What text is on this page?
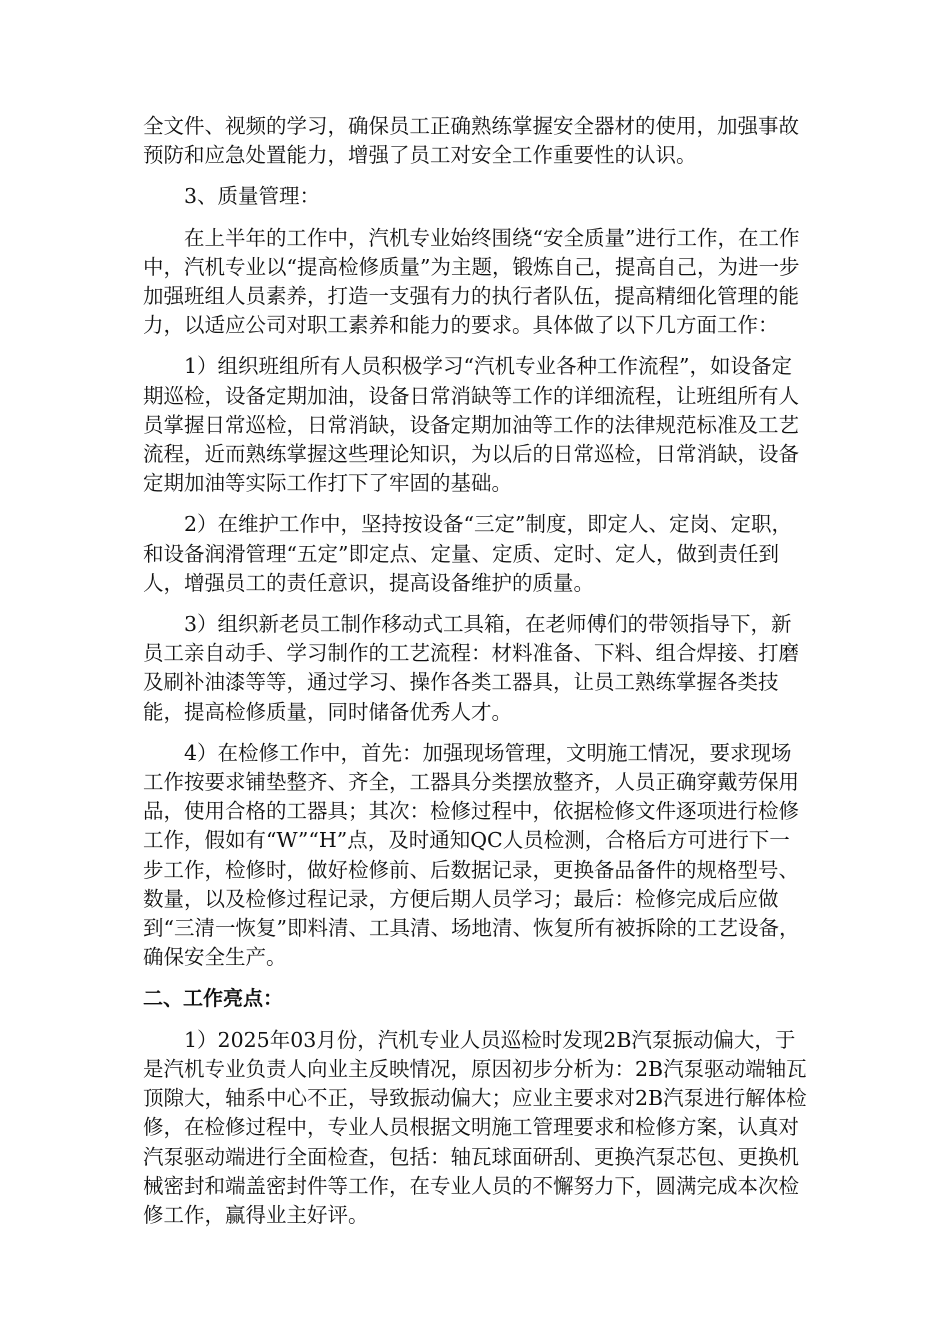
全文件、视频的学习，确保员工正确熟练掌握安全器材的使用，加强事故预防和应急处置能力，增强了员工对安全工作重要性的认识。

3、质量管理：

在上半年的工作中，汽机专业始终围绕“安全质量”进行工作，在工作中，汽机专业以“提高检修质量”为主题，锻炼自己，提高自己，为进一步加强班组人员素养，打造一支强有力的执行者队伍，提高精细化管理的能力，以适应公司对职工素养和能力的要求。具体做了以下几方面工作：

1）组织班组所有人员积极学习“汽机专业各种工作流程”，如设备定期巡检，设备定期加油，设备日常消缺等工作的详细流程，让班组所有人员掌握日常巡检，日常消缺，设备定期加油等工作的法律规范标准及工艺流程，近而熟练掌握这些理论知识，为以后的日常巡检，日常消缺，设备定期加油等实际工作打下了牢固的基础。

2）在维护工作中，坚持按设备“三定”制度，即定人、定岗、定职，和设备润滑管理“五定”即定点、定量、定质、定时、定人，做到责任到人，增强员工的责任意识，提高设备维护的质量。

3）组织新老员工制作移动式工具箱，在老师傅们的带领指导下，新员工亲自动手、学习制作的工艺流程：材料准备、下料、组合焊接、打磨及刷补油漆等等，通过学习、操作各类工器具，让员工熟练掌握各类技能，提高检修质量，同时储备优秀人才。

4）在检修工作中，首先：加强现场管理，文明施工情况，要求现场工作按要求铺垫整齐、齐全，工器具分类摆放整齐，人员正确穿戴劳保用品，使用合格的工器具；其次：检修过程中，依据检修文件逐项进行检修工作，假如有“W”“H”点，及时通知QC人员检测，合格后方可进行下一步工作，检修时，做好检修前、后数据记录，更换备品备件的规格型号、数量，以及检修过程记录，方便后期人员学习；最后：检修完成后应做到“三清一恢复”即料清、工具清、场地清、恢复所有被拆除的工艺设备，确保安全生产。

二、工作亮点：

1）2025年03月份，汽机专业人员巡检时发现2B汽泵振动偏大，于是汽机专业负责人向业主反映情况，原因初步分析为：2B汽泵驱动端轴瓦顶隙大，轴系中心不正，导致振动偏大；应业主要求对2B汽泵进行解体检修，在检修过程中，专业人员根据文明施工管理要求和检修方案，认真对汽泵驱动端进行全面检查，包括：轴瓦球面研刮、更换汽泵芯包、更换机械密封和端盖密封件等工作，在专业人员的不懈努力下，圆满完成本次检修工作，赢得业主好评。
